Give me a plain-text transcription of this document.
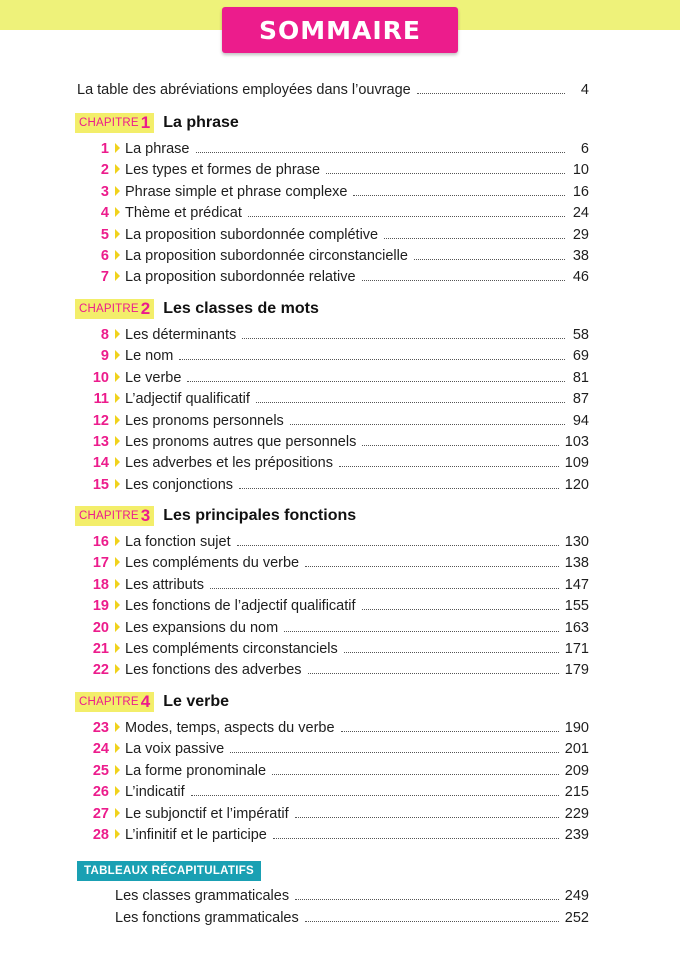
SOMMAIRE
La table des abréviations employées dans l’ouvrage	4
CHAPITRE 1 La phrase
1 La phrase	6
2 Les types et formes de phrase	10
3 Phrase simple et phrase complexe	16
4 Thème et prédicat	24
5 La proposition subordonnée complétive	29
6 La proposition subordonnée circonstancielle	38
7 La proposition subordonnée relative	46
CHAPITRE 2 Les classes de mots
8 Les déterminants	58
9 Le nom	69
10 Le verbe	81
11 L’adjectif qualificatif	87
12 Les pronoms personnels	94
13 Les pronoms autres que personnels	103
14 Les adverbes et les prépositions	109
15 Les conjonctions	120
CHAPITRE 3 Les principales fonctions
16 La fonction sujet	130
17 Les compléments du verbe	138
18 Les attributs	147
19 Les fonctions de l’adjectif qualificatif	155
20 Les expansions du nom	163
21 Les compléments circonstanciels	171
22 Les fonctions des adverbes	179
CHAPITRE 4 Le verbe
23 Modes, temps, aspects du verbe	190
24 La voix passive	201
25 La forme pronominale	209
26 L’indicatif	215
27 Le subjonctif et l’impératif	229
28 L’infinitif et le participe	239
TABLEAUX RÉCAPITULATIFS
Les classes grammaticales	249
Les fonctions grammaticales	252
